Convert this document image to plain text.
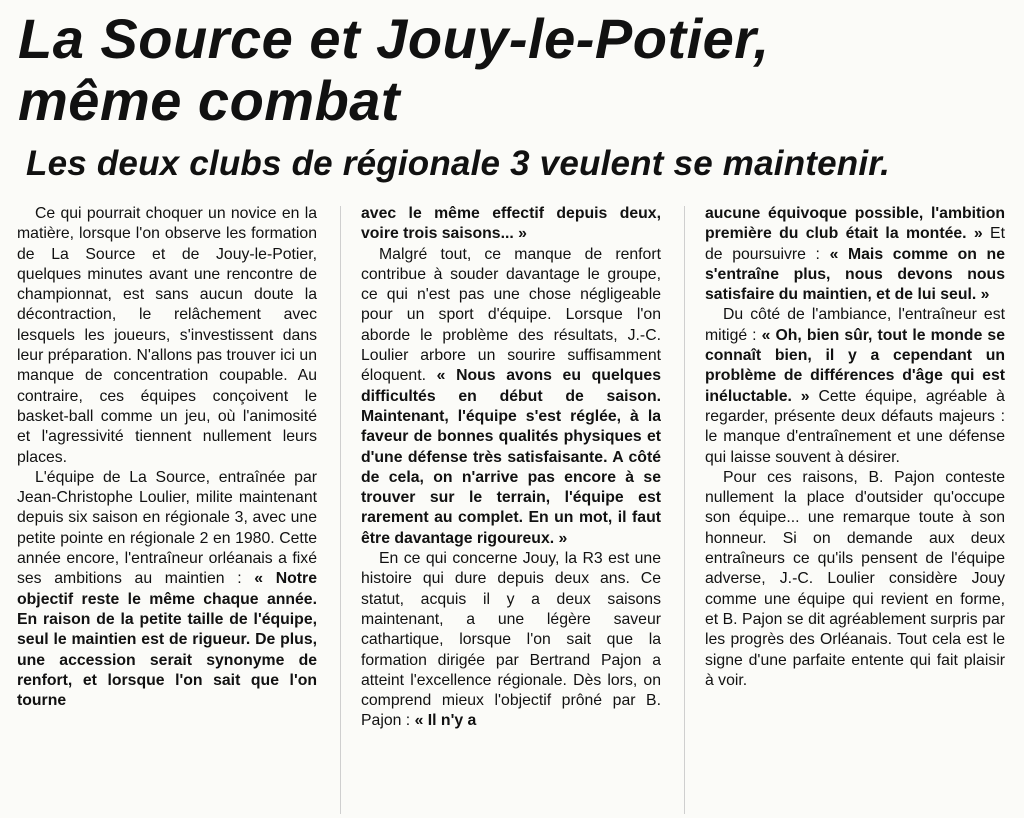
La Source et Jouy-le-Potier,
même combat
Les deux clubs de régionale 3 veulent se maintenir.

Ce qui pourrait choquer un novice en la matière, lorsque l'on observe les formation de La Source et de Jouy-le-Potier, quelques minutes avant une rencontre de championnat, est sans aucun doute la décontraction, le relâchement avec lesquels les joueurs, s'investissent dans leur préparation. N'allons pas trouver ici un manque de concentration coupable. Au contraire, ces équipes conçoivent le basket-ball comme un jeu, où l'animosité et l'agressivité tiennent nullement leurs places.

L'équipe de La Source, entraînée par Jean-Christophe Loulier, milite maintenant depuis six saison en régionale 3, avec une petite pointe en régionale 2 en 1980. Cette année encore, l'entraîneur orléanais a fixé ses ambitions au maintien : « Notre objectif reste le même chaque année. En raison de la petite taille de l'équipe, seul le maintien est de rigueur. De plus, une accession serait synonyme de renfort, et lorsque l'on sait que l'on tourne

avec le même effectif depuis deux, voire trois saisons... »

Malgré tout, ce manque de renfort contribue à souder davantage le groupe, ce qui n'est pas une chose négligeable pour un sport d'équipe. Lorsque l'on aborde le problème des résultats, J.-C. Loulier arbore un sourire suffisamment éloquent. « Nous avons eu quelques difficultés en début de saison. Maintenant, l'équipe s'est réglée, à la faveur de bonnes qualités physiques et d'une défense très satisfaisante. A côté de cela, on n'arrive pas encore à se trouver sur le terrain, l'équipe est rarement au complet. En un mot, il faut être davantage rigoureux. »

En ce qui concerne Jouy, la R3 est une histoire qui dure depuis deux ans. Ce statut, acquis il y a deux saisons maintenant, a une légère saveur cathartique, lorsque l'on sait que la formation dirigée par Bertrand Pajon a atteint l'excellence régionale. Dès lors, on comprend mieux l'objectif prôné par B. Pajon : « Il n'y a

aucune équivoque possible, l'ambition première du club était la montée. » Et de poursuivre : « Mais comme on ne s'entraîne plus, nous devons nous satisfaire du maintien, et de lui seul. »

Du côté de l'ambiance, l'entraîneur est mitigé : « Oh, bien sûr, tout le monde se connaît bien, il y a cependant un problème de différences d'âge qui est inéluctable. » Cette équipe, agréable à regarder, présente deux défauts majeurs : le manque d'entraînement et une défense qui laisse souvent à désirer.

Pour ces raisons, B. Pajon conteste nullement la place d'outsider qu'occupe son équipe... une remarque toute à son honneur. Si on demande aux deux entraîneurs ce qu'ils pensent de l'équipe adverse, J.-C. Loulier considère Jouy comme une équipe qui revient en forme, et B. Pajon se dit agréablement surpris par les progrès des Orléanais. Tout cela est le signe d'une parfaite entente qui fait plaisir à voir.
